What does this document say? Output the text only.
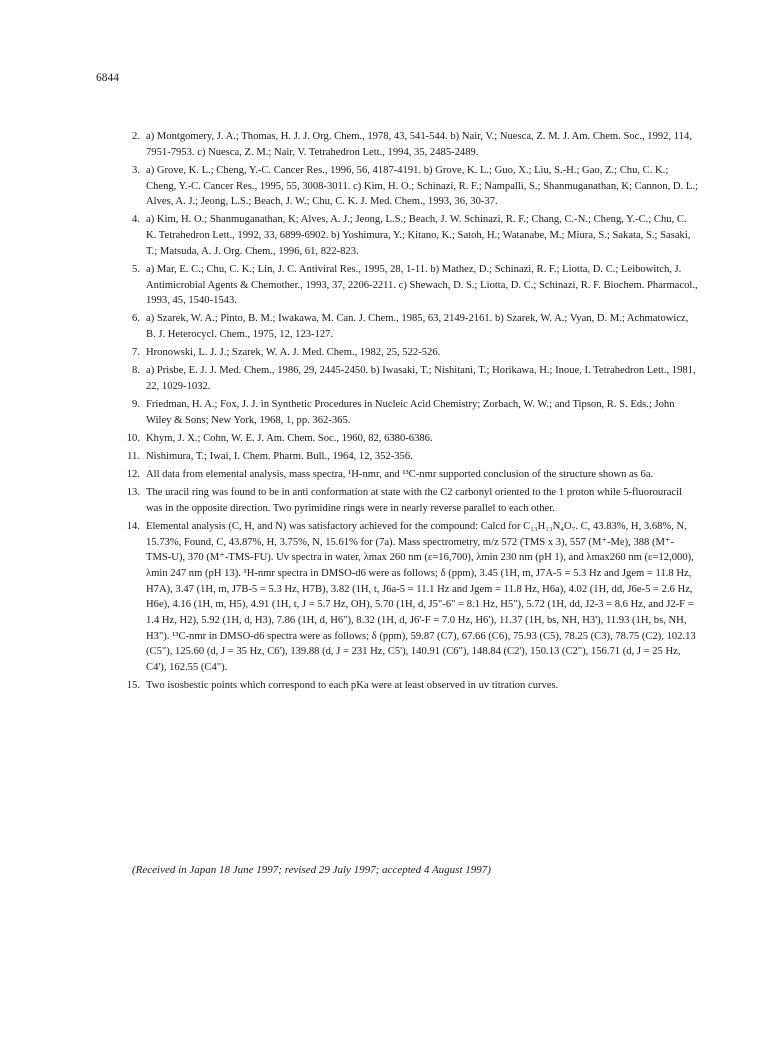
6844
2. a) Montgomery, J. A.; Thomas, H. J. J. Org. Chem., 1978, 43, 541-544. b) Nair, V.; Nuesca, Z. M. J. Am. Chem. Soc., 1992, 114, 7951-7953. c) Nuesca, Z. M.; Nair, V. Tetrahedron Lett., 1994, 35, 2485-2489.
3. a) Grove, K. L.; Cheng, Y.-C. Cancer Res., 1996, 56, 4187-4191. b) Grove, K. L.; Guo, X.; Liu, S.-H.; Gao, Z.; Chu, C. K.; Cheng, Y.-C. Cancer Res., 1995, 55, 3008-3011. c) Kim, H. O.; Schinazi, R. F.; Nampalli, S.; Shanmuganathan, K; Cannon, D. L.; Alves, A. J.; Jeong, L.S.; Beach, J. W.; Chu, C. K. J. Med. Chem., 1993, 36, 30-37.
4. a) Kim, H. O.; Shanmuganathan, K; Alves, A. J.; Jeong, L.S.; Beach, J. W. Schinazi, R. F.; Chang, C.-N.; Cheng, Y.-C.; Chu, C. K. Tetrahedron Lett., 1992, 33, 6899-6902. b) Yoshimura, Y.; Kitano, K.; Satoh, H.; Watanabe, M.; Miura, S.; Sakata, S.; Sasaki, T.; Matsuda, A. J. Org. Chem., 1996, 61, 822-823.
5. a) Mar, E. C.; Chu, C. K.; Lin, J. C. Antiviral Res., 1995, 28, 1-11. b) Mathez, D.; Schinazi, R. F.; Liotta, D. C.; Leibowitch, J. Antimicrobial Agents & Chemother., 1993, 37, 2206-2211. c) Shewach, D. S.; Liotta, D. C.; Schinazi, R. F. Biochem. Pharmacol., 1993, 45, 1540-1543.
6. a) Szarek, W. A.; Pinto, B. M.; Iwakawa, M. Can. J. Chem., 1985, 63, 2149-2161. b) Szarek, W. A.; Vyan, D. M.; Achmatowicz, B. J. Heterocycl. Chem., 1975, 12, 123-127.
7. Hronowski, L. J. J.; Szarek, W. A. J. Med. Chem., 1982, 25, 522-526.
8. a) Prisbe, E. J. J. Med. Chem., 1986, 29, 2445-2450. b) Iwasaki, T.; Nishitani, T.; Horikawa, H.; Inoue, I. Tetrahedron Lett., 1981, 22, 1029-1032.
9. Friedman, H. A.; Fox, J. J. in Synthetic Procedures in Nucleic Acid Chemistry; Zorbach, W. W.; and Tipson, R. S. Eds.; John Wiley & Sons; New York, 1968, 1, pp. 362-365.
10. Khym, J. X.; Cohn, W. E. J. Am. Chem. Soc., 1960, 82, 6380-6386.
11. Nishimura, T.; Iwai, I. Chem. Pharm. Bull., 1964, 12, 352-356.
12. All data from elemental analysis, mass spectra, ¹H-nmr, and ¹³C-nmr supported conclusion of the structure shown as 6a.
13. The uracil ring was found to be in anti conformation at state with the C2 carbonyl oriented to the 1 proton while 5-fluorouracil was in the opposite direction. Two pyrimidine rings were in nearly reverse parallel to each other.
14. Elemental analysis (C, H, and N) was satisfactory achieved for the compound: Calcd for C₁₃H₁₃N₄O₇. C, 43.83%, H, 3.68%, N, 15.73%, Found, C, 43.87%, H, 3.75%, N, 15.61% for (7a). Mass spectrometry, m/z 572 (TMS x 3), 557 (M⁺-Me), 388 (M⁺-TMS-U), 370 (M⁺-TMS-FU). Uv spectra in water, λmax 260 nm (ε=16,700), λmin 230 nm (pH 1), and λmax260 nm (ε=12,000), λmin 247 nm (pH 13). ¹H-nmr spectra in DMSO-d6 were as follows; δ (ppm), 3.45 (1H, m, J7A-5 = 5.3 Hz and Jgem = 11.8 Hz, H7A), 3.47 (1H, m, J7B-5 = 5.3 Hz, H7B), 3.82 (1H, t, J6a-5 = 11.1 Hz and Jgem = 11.8 Hz, H6a), 4.02 (1H, dd, J6e-5 = 2.6 Hz, H6e), 4.16 (1H, m, H5), 4.91 (1H, t, J = 5.7 Hz, OH), 5.70 (1H, d, J5"-6" = 8.1 Hz, H5"), 5.72 (1H, dd, J2-3 = 8.6 Hz, and J2-F = 1.4 Hz, H2), 5.92 (1H, d, H3), 7.86 (1H, d, H6"), 8.32 (1H, d, J6'-F = 7.0 Hz, H6'), 11.37 (1H, bs, NH, H3'), 11.93 (1H, bs, NH, H3"). ¹³C-nmr in DMSO-d6 spectra were as follows; δ (ppm), 59.87 (C7), 67.66 (C6), 75.93 (C5), 78.25 (C3), 78.75 (C2), 102.13 (C5"), 125.60 (d, J = 35 Hz, C6'), 139.88 (d, J = 231 Hz, C5'), 140.91 (C6"), 148.84 (C2'), 150.13 (C2"), 156.71 (d, J = 25 Hz, C4'), 162.55 (C4").
15. Two isosbestic points which correspond to each pKa were at least observed in uv titration curves.
(Received in Japan 18 June 1997; revised 29 July 1997; accepted 4 August 1997)
